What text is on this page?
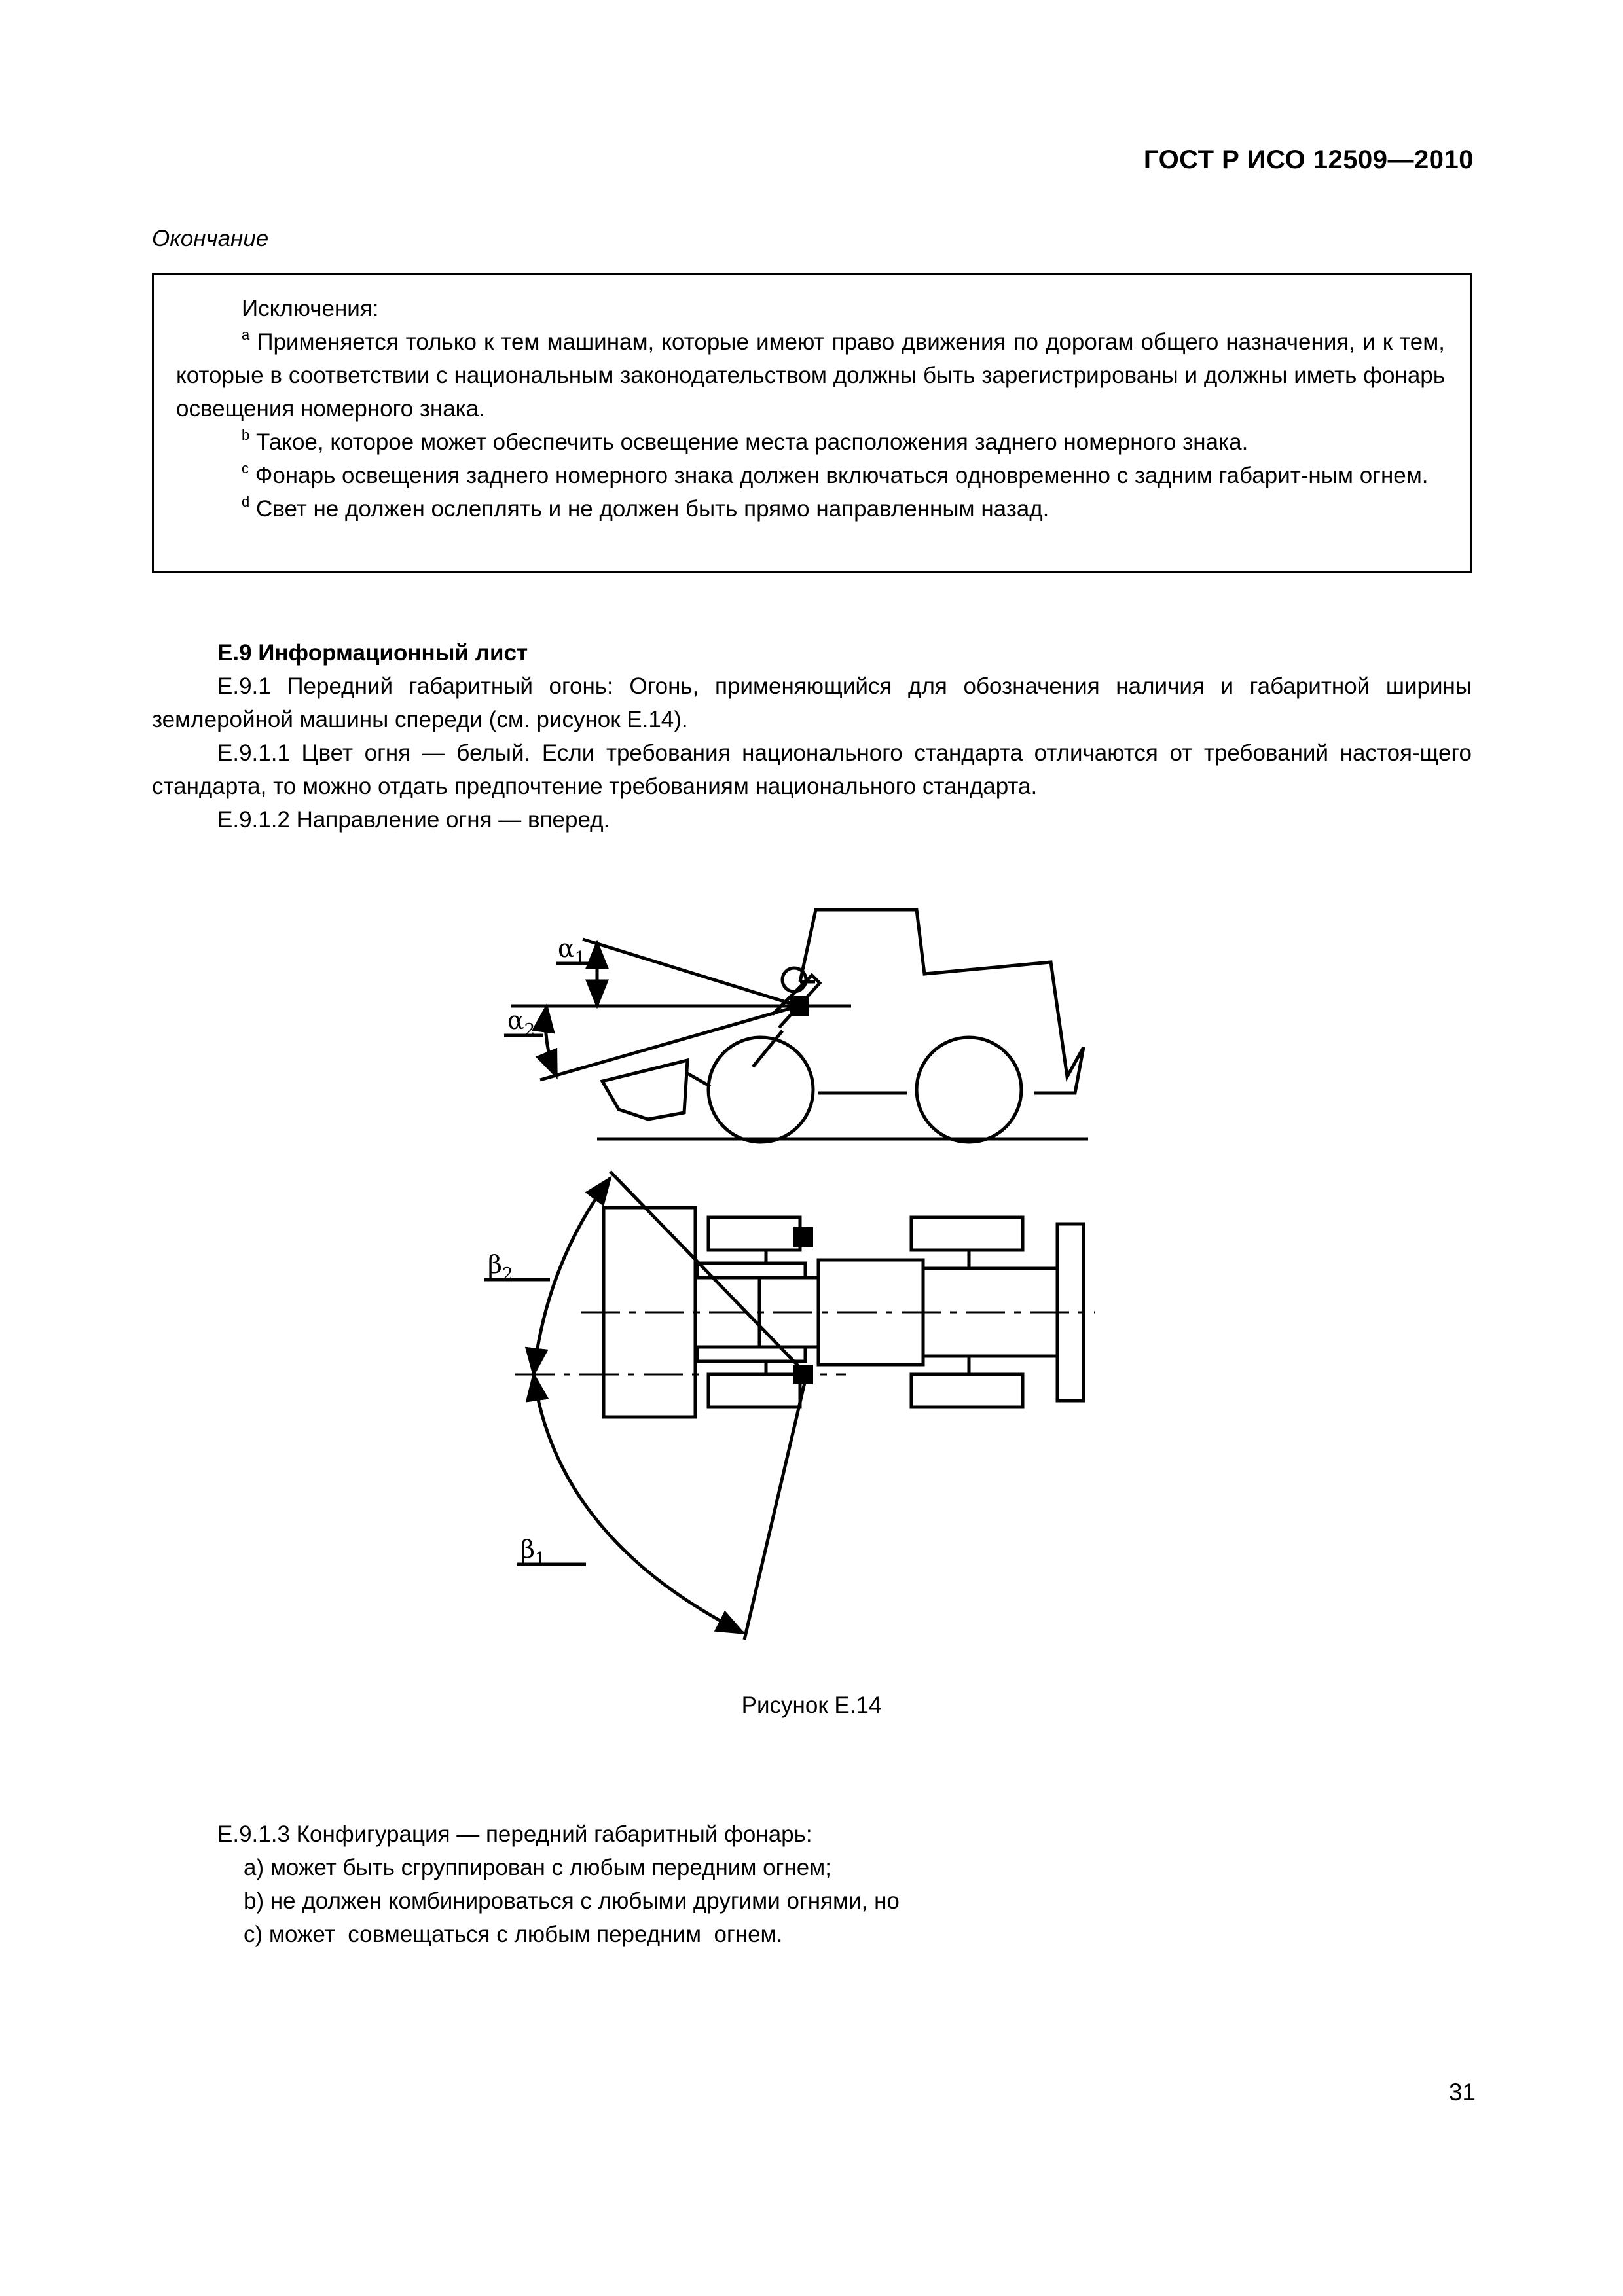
ГОСТ Р ИСО 12509—2010
Окончание

Исключения:

$^a$ Применяется только к тем машинам, которые имеют право движения по дорогам общего назначения, и к тем, которые в соответствии с национальным законодательством должны быть зарегистрированы и должны иметь фонарь освещения номерного знака.

$^b$ Такое, которое может обеспечить освещение места расположения заднего номерного знака.

$^c$ Фонарь освещения заднего номерного знака должен включаться одновременно с задним габарит-ным огнем.

$^d$ Свет не должен ослеплять и не должен быть прямо направленным назад.

Е.9 Информационный лист

Е.9.1 Передний габаритный огонь: Огонь, применяющийся для обозначения наличия и габаритной ширины землеройной машины спереди (см. рисунок Е.14).

Е.9.1.1 Цвет огня — белый. Если требования национального стандарта отличаются от требований настоя-щего стандарта, то можно отдать предпочтение требованиям национального стандарта.

Е.9.1.2 Направление огня — вперед.

$\alpha_1$
$\alpha_2$
$\beta_2$
$\beta_1$
Рисунок Е.14
Е.9.1.3 Конфигурация — передний габаритный фонарь:
a) может быть сгруппирован с любым передним огнем;
b) не должен комбинироваться с любыми другими огнями, но
c) может  совмещаться с любым передним  огнем.
31
